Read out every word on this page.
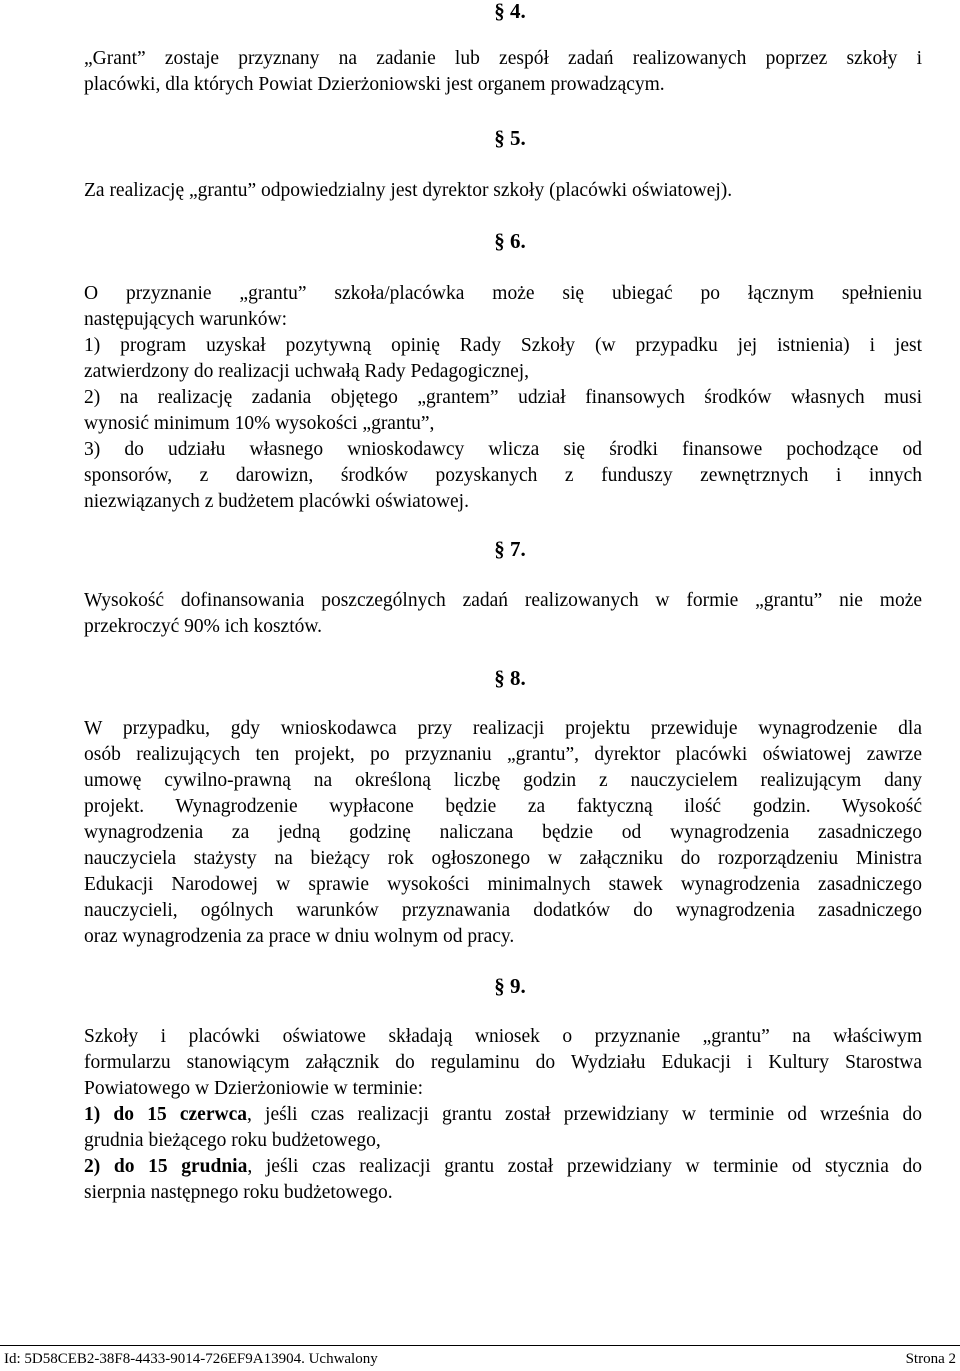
§ 4.
„Grant” zostaje przyznany na zadanie lub zespół zadań realizowanych poprzez szkoły i
placówki, dla których Powiat Dzierżoniowski jest organem prowadzącym.
§ 5.
Za realizację „grantu” odpowiedzialny jest dyrektor szkoły (placówki oświatowej).
§ 6.
O przyznanie „grantu” szkoła/placówka może się ubiegać po łącznym spełnieniu
następujących warunków:
1) program uzyskał pozytywną opinię Rady Szkoły (w przypadku jej istnienia) i jest
zatwierdzony do realizacji uchwałą Rady Pedagogicznej,
2) na realizację zadania objętego „grantem” udział finansowych środków własnych musi
wynosić minimum 10% wysokości „grantu”,
3) do udziału własnego wnioskodawcy wlicza się środki finansowe pochodzące od
sponsorów, z darowizn, środków pozyskanych z funduszy zewnętrznych i innych
niezwiązanych z budżetem placówki oświatowej.
§ 7.
Wysokość dofinansowania poszczególnych zadań realizowanych w formie „grantu” nie może
przekroczyć 90% ich kosztów.
§ 8.
W przypadku, gdy wnioskodawca przy realizacji projektu przewiduje wynagrodzenie dla
osób realizujących ten projekt, po przyznaniu „grantu”, dyrektor placówki oświatowej zawrze
umowę cywilno-prawną na określoną liczbę godzin z nauczycielem realizującym dany
projekt. Wynagrodzenie wypłacone będzie za faktyczną ilość godzin. Wysokość
wynagrodzenia za jedną godzinę naliczana będzie od wynagrodzenia zasadniczego
nauczyciela stażysty na bieżący rok ogłoszonego w załączniku do rozporządzeniu Ministra
Edukacji Narodowej w sprawie wysokości minimalnych stawek wynagrodzenia zasadniczego
nauczycieli, ogólnych warunków przyznawania dodatków do wynagrodzenia zasadniczego
oraz wynagrodzenia za prace w dniu wolnym od pracy.
§ 9.
Szkoły i placówki oświatowe składają wniosek o przyznanie „grantu” na właściwym
formularzu stanowiącym załącznik do regulaminu do Wydziału Edukacji i Kultury Starostwa
Powiatowego w Dzierżoniowie w terminie:
1) do 15 czerwca, jeśli czas realizacji grantu został przewidziany w terminie od września do
grudnia bieżącego roku budżetowego,
2) do 15 grudnia, jeśli czas realizacji grantu został przewidziany w terminie od stycznia do
sierpnia następnego roku budżetowego.
Id: 5D58CEB2-38F8-4433-9014-726EF9A13904. Uchwalony	Strona 2
